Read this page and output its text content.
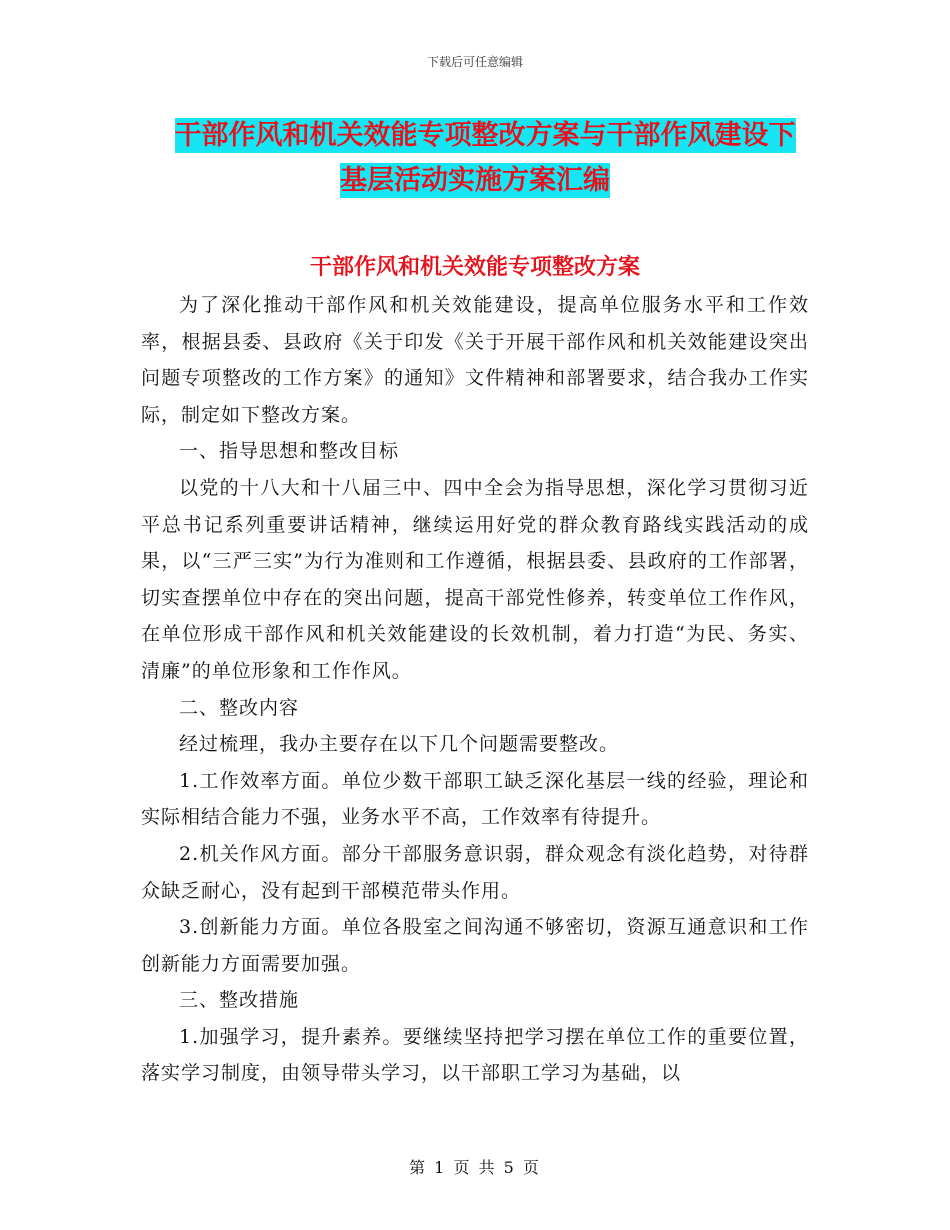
下载后可任意编辑
干部作风和机关效能专项整改方案与干部作风建设下
基层活动实施方案汇编
干部作风和机关效能专项整改方案

为了深化推动干部作风和机关效能建设，提高单位服务水平和工作效率，根据县委、县政府《关于印发《关于开展干部作风和机关效能建设突出问题专项整改的工作方案》的通知》文件精神和部署要求，结合我办工作实际，制定如下整改方案。

一、指导思想和整改目标

以党的十八大和十八届三中、四中全会为指导思想，深化学习贯彻习近平总书记系列重要讲话精神，继续运用好党的群众教育路线实践活动的成果，以“三严三实”为行为准则和工作遵循，根据县委、县政府的工作部署，切实查摆单位中存在的突出问题，提高干部党性修养，转变单位工作作风，在单位形成干部作风和机关效能建设的长效机制，着力打造“为民、务实、清廉”的单位形象和工作作风。

二、整改内容

经过梳理，我办主要存在以下几个问题需要整改。

1.工作效率方面。单位少数干部职工缺乏深化基层一线的经验，理论和实际相结合能力不强，业务水平不高，工作效率有待提升。

2.机关作风方面。部分干部服务意识弱，群众观念有淡化趋势，对待群众缺乏耐心，没有起到干部模范带头作用。

3.创新能力方面。单位各股室之间沟通不够密切，资源互通意识和工作创新能力方面需要加强。

三、整改措施

1.加强学习，提升素养。要继续坚持把学习摆在单位工作的重要位置，落实学习制度，由领导带头学习，以干部职工学习为基础，以

第 1 页 共 5 页
